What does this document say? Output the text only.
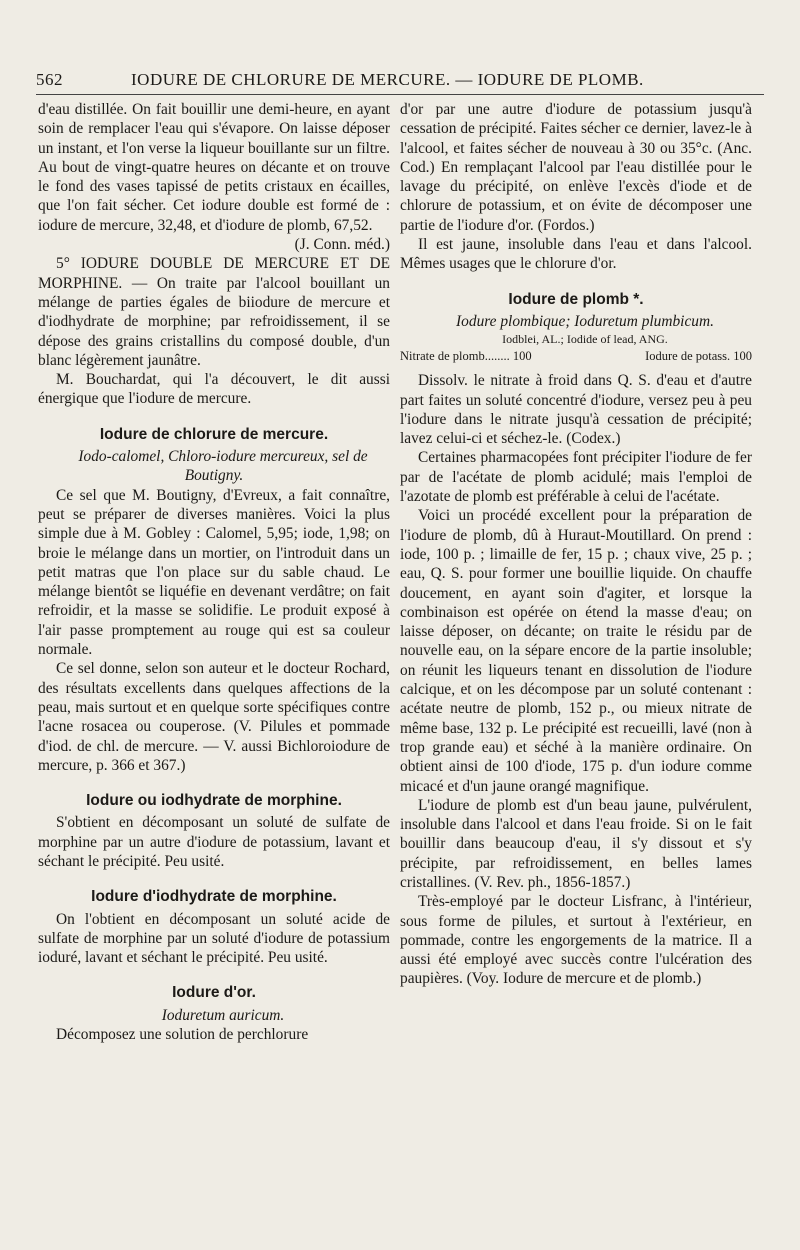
562	IODURE DE CHLORURE DE MERCURE. — IODURE DE PLOMB.

d'eau distillée. On fait bouillir une demi-heure, en ayant soin de remplacer l'eau qui s'évapore. On laisse déposer un instant, et l'on verse la liqueur bouillante sur un filtre. Au bout de vingt-quatre heures on décante et on trouve le fond des vases tapissé de petits cristaux en écailles, que l'on fait sécher. Cet iodure double est formé de : iodure de mercure, 32,48, et d'iodure de plomb, 67,52.

(J. Conn. méd.)

5° IODURE DOUBLE DE MERCURE ET DE MORPHINE. — On traite par l'alcool bouillant un mélange de parties égales de biiodure de mercure et d'iodhydrate de morphine; par refroidissement, il se dépose des grains cristallins du composé double, d'un blanc légèrement jaunâtre.

M. Bouchardat, qui l'a découvert, le dit aussi énergique que l'iodure de mercure.

Iodure de chlorure de mercure.

Iodo-calomel, Chloro-iodure mercureux, sel de Boutigny.

Ce sel que M. Boutigny, d'Evreux, a fait connaître, peut se préparer de diverses manières. Voici la plus simple due à M. Gobley : Calomel, 5,95; iode, 1,98; on broie le mélange dans un mortier, on l'introduit dans un petit matras que l'on place sur du sable chaud. Le mélange bientôt se liquéfie en devenant verdâtre; on fait refroidir, et la masse se solidifie. Le produit exposé à l'air passe promptement au rouge qui est sa couleur normale.

Ce sel donne, selon son auteur et le docteur Rochard, des résultats excellents dans quelques affections de la peau, mais surtout et en quelque sorte spécifiques contre l'acne rosacea ou couperose. (V. Pilules et pommade d'iod. de chl. de mercure. — V. aussi Bichloroiodure de mercure, p. 366 et 367.)

Iodure ou iodhydrate de morphine.

S'obtient en décomposant un soluté de sulfate de morphine par un autre d'iodure de potassium, lavant et séchant le précipité. Peu usité.

Iodure d'iodhydrate de morphine.

On l'obtient en décomposant un soluté acide de sulfate de morphine par un soluté d'iodure de potassium ioduré, lavant et séchant le précipité. Peu usité.

Iodure d'or.

Ioduretum auricum.

Décomposez une solution de perchlorure

d'or par une autre d'iodure de potassium jusqu'à cessation de précipité. Faites sécher ce dernier, lavez-le à l'alcool, et faites sécher de nouveau à 30 ou 35°c. (Anc. Cod.) En remplaçant l'alcool par l'eau distillée pour le lavage du précipité, on enlève l'excès d'iode et de chlorure de potassium, et on évite de décomposer une partie de l'iodure d'or. (Fordos.)

Il est jaune, insoluble dans l'eau et dans l'alcool. Mêmes usages que le chlorure d'or.

Iodure de plomb *.

Iodure plombique; Ioduretum plumbicum.

Iodblei, AL.; Iodide of lead, ANG.

Nitrate de plomb........ 100	Iodure de potass. 100

Dissolv. le nitrate à froid dans Q. S. d'eau et d'autre part faites un soluté concentré d'iodure, versez peu à peu l'iodure dans le nitrate jusqu'à cessation de précipité; lavez celui-ci et séchez-le. (Codex.)

Certaines pharmacopées font précipiter l'iodure de fer par de l'acétate de plomb acidulé; mais l'emploi de l'azotate de plomb est préférable à celui de l'acétate.

Voici un procédé excellent pour la préparation de l'iodure de plomb, dû à Huraut-Moutillard. On prend : iode, 100 p. ; limaille de fer, 15 p. ; chaux vive, 25 p. ; eau, Q. S. pour former une bouillie liquide. On chauffe doucement, en ayant soin d'agiter, et lorsque la combinaison est opérée on étend la masse d'eau; on laisse déposer, on décante; on traite le résidu par de nouvelle eau, on la sépare encore de la partie insoluble; on réunit les liqueurs tenant en dissolution de l'iodure calcique, et on les décompose par un soluté contenant : acétate neutre de plomb, 152 p., ou mieux nitrate de même base, 132 p. Le précipité est recueilli, lavé (non à trop grande eau) et séché à la manière ordinaire. On obtient ainsi de 100 d'iode, 175 p. d'un iodure comme micacé et d'un jaune orangé magnifique.

L'iodure de plomb est d'un beau jaune, pulvérulent, insoluble dans l'alcool et dans l'eau froide. Si on le fait bouillir dans beaucoup d'eau, il s'y dissout et s'y précipite, par refroidissement, en belles lames cristallines. (V. Rev. ph., 1856-1857.)

Très-employé par le docteur Lisfranc, à l'intérieur, sous forme de pilules, et surtout à l'extérieur, en pommade, contre les engorgements de la matrice. Il a aussi été employé avec succès contre l'ulcération des paupières. (Voy. Iodure de mercure et de plomb.)
